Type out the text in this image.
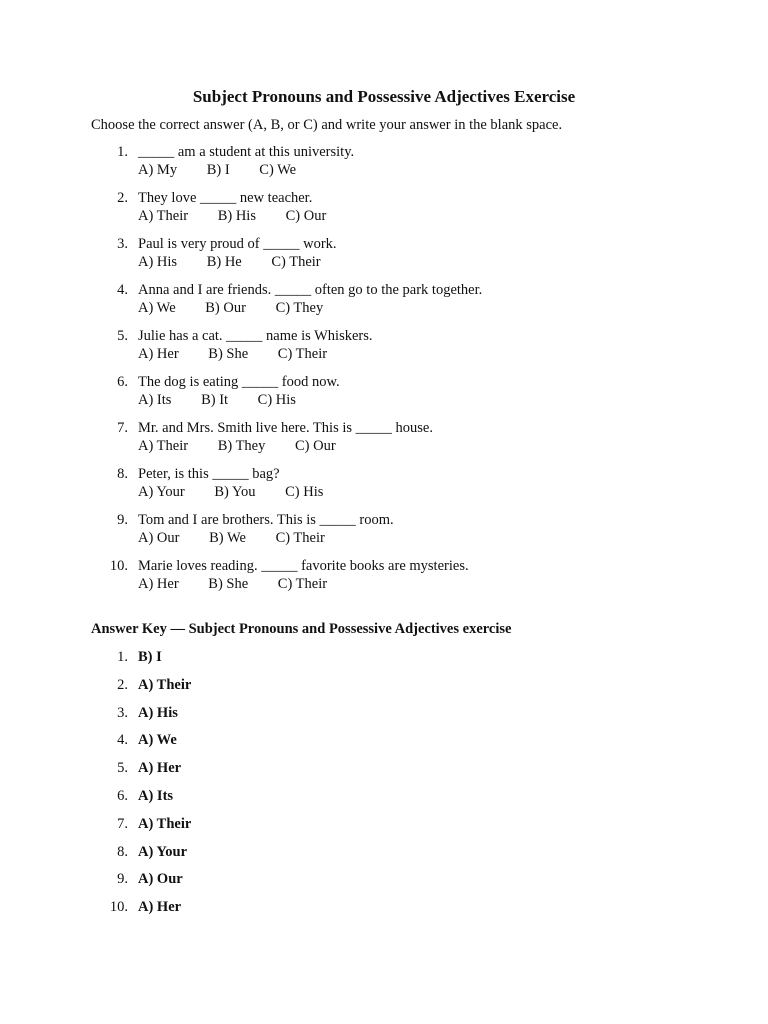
Subject Pronouns and Possessive Adjectives Exercise
Choose the correct answer (A, B, or C) and write your answer in the blank space.
1. _____ am a student at this university.
A) My B) I C) We
2. They love _____ new teacher.
A) Their B) His C) Our
3. Paul is very proud of _____ work.
A) His B) He C) Their
4. Anna and I are friends. _____ often go to the park together.
A) We B) Our C) They
5. Julie has a cat. _____ name is Whiskers.
A) Her B) She C) Their
6. The dog is eating _____ food now.
A) Its B) It C) His
7. Mr. and Mrs. Smith live here. This is _____ house.
A) Their B) They C) Our
8. Peter, is this _____ bag?
A) Your B) You C) His
9. Tom and I are brothers. This is _____ room.
A) Our B) We C) Their
10. Marie loves reading. _____ favorite books are mysteries.
A) Her B) She C) Their
Answer Key — Subject Pronouns and Possessive Adjectives exercise
1. B) I
2. A) Their
3. A) His
4. A) We
5. A) Her
6. A) Its
7. A) Their
8. A) Your
9. A) Our
10. A) Her
